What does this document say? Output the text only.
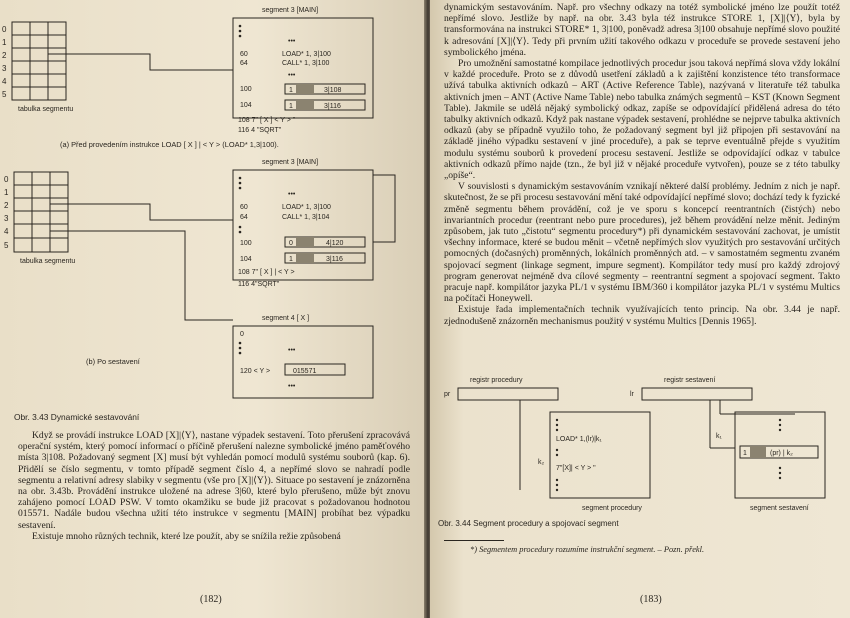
0
1
2
3
4
5
tabulka segmentu
segment 3 [MAIN]
•••
60	LOAD* 1, 3|100
64	CALL* 1, 3|100
•••
100	1	3|108
104	1	3|116
108 7" [ X ] < Y > "
116 4 "SQRT"
(a) Před provedením instrukce LOAD [ X ] | < Y > (LOAD* 1,3|100).
0
1
2
3
4
5
tabulka segmentu
segment 3 [MAIN]
•••
60	LOAD* 1, 3|100
64	CALL* 1, 3|104
100	0	4|120
104	1	3|116
108 7" [ X ] | < Y >
116 4"SQRT"
segment 4 [ X ]
0
•••
120 < Y >	015571
•••
(b) Po sestavení
Obr. 3.43 Dynamické sestavování

Když se provádí instrukce LOAD [X]|⟨Y⟩, nastane výpadek sestavení. Toto přerušení zpracovává operační systém, který pomocí informací o příčině přerušení nalezne symbolické jméno paměťového místa 3|108. Požadovaný segment [X] musí být vyhledán pomocí modulů systému souborů (kap. 6). Přidělí se číslo segmentu, v tomto případě segment číslo 4, a nepřímé slovo se nahradí podle segmentu a relativní adresy slabiky v segmentu (vše pro [X]|⟨Y⟩). Situace po sestavení je znázorněna na obr. 3.43b. Provádění instrukce uložené na adrese 3|60, které bylo přerušeno, může být znovu zahájeno pomocí LOAD PSW. V tomto okamžiku se bude již pracovat s požadovanou hodnotou 015571. Nadále budou všechna užití této instrukce v segmentu [MAIN] probíhat bez výpadku sestavení.

Existuje mnoho různých technik, které lze použít, aby se snížila režie způsobená

(182)

dynamickým sestavováním. Např. pro všechny odkazy na totéž symbolické jméno lze použít totéž nepřímé slovo. Jestliže by např. na obr. 3.43 byla též instrukce STORE 1, [X]|⟨Y⟩, byla by transformována na instrukci STORE* 1, 3|100, poněvadž adresa 3|100 obsahuje nepřímé slovo použité k adresování [X]|⟨Y⟩. Tedy při prvním užití takového odkazu v proceduře se provede sestavení jeho symbolického jména.

Pro umožnění samostatné kompilace jednotlivých procedur jsou taková nepřímá slova vždy lokální v každé proceduře. Proto se z důvodů usetření základů a k zajištění konzistence této transformace užívá tabulka aktivních odkazů – ART (Active Reference Table), nazývaná v literatuře též tabulka aktivních jmen – ANT (Active Name Table) nebo tabulka známých segmentů – KST (Known Segment Table). Jakmile se udělá nějaký symbolický odkaz, zapíše se odpovídající přidělená adresa do této tabulky aktivních odkazů. Když pak nastane výpadek sestavení, prohlédne se nejprve tabulka aktivních odkazů (aby se případně využilo toho, že požadovaný segment byl již připojen při sestavování na základě jiného výpadku sestavení v jiné proceduře), a pak se teprve eventuálně přejde s využitím modulu systému souborů k provedení procesu sestavení. Jestliže se odpovídající odkaz v tabulce aktivních odkazů přímo najde (tzn., že byl již v nějaké proceduře vytvořen), pouze se z této tabulky „opíše“.

V souvislosti s dynamickým sestavováním vznikají některé další problémy. Jedním z nich je např. skutečnost, že se při procesu sestavování mění také odpovídající nepřímé slovo; dochází tedy k fyzické změně segmentu během provádění, což je ve sporu s koncepcí reentrantních (čistých) nebo invariantních procedur (reentrant nebo pure procedures), jež během provádění nelze měnit. Jediným způsobem, jak tuto „čistotu“ segmentu procedury*) při dynamickém sestavování zachovat, je umístit všechny informace, které se budou měnit – včetně nepřímých slov využitých pro sestavování určitých pomocných (dočasných) proměnných, lokálních proměnných atd. – v samostatném segmentu zvaném spojovací segment (linkage segment, impure segment). Kompilátor tedy musí pro každý zdrojový program generovat nejméně dva cílové segmenty – reentrantní segment a spojovací segment. Takto pracuje např. kompilátor jazyka PL/1 v systému IBM/360 i kompilátor jazyka PL/1 v systému Multics na počítači Honeywell.

Existuje řada implementačních technik využívajících tento princip. Na obr. 3.44 je např. zjednodušeně znázorněn mechanismus použitý v systému Multics [Dennis 1965].

registr procedury
pr
registr sestavení
lr
k₂
k₁
LOAD* 1,(lr)|k₁
7"[X]| < Y > "
segment procedury
1	(pr) | k₂
segment sestavení
Obr. 3.44 Segment procedury a spojovací segment
*) Segmentem procedury rozumíme instrukční segment. – Pozn. překl.
(183)
